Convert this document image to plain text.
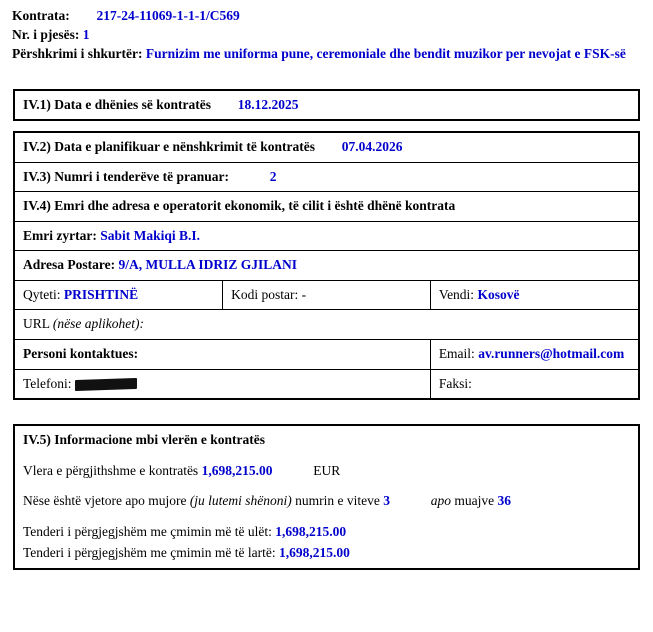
Kontrata: 217-24-11069-1-1-1/C569
Nr. i pjesës: 1
Përshkrimi i shkurtër: Furnizim me uniforma pune, ceremoniale dhe bendit muzikor per nevojat e FSK-së
IV.1) Data e dhënies së kontratës 18.12.2025
IV.2) Data e planifikuar e nënshkrimit të kontratës 07.04.2026		
IV.3) Numri i tenderëve të pranuar: 2		
IV.4) Emri dhe adresa e operatorit ekonomik, të cilit i është dhënë kontrata		
Emri zyrtar: Sabit Makiqi B.I.		
Adresa Postare: 9/A, MULLA IDRIZ GJILANI		
Qyteti: PRISHTINË	Kodi postar: -	Vendi: Kosovë
URL (nëse aplikohet):		
Personi kontaktues:		Email: av.runners@hotmail.com
Telefoni:		Faksi:
IV.5) Informacione mbi vlerën e kontratës
Vlera e përgjithshme e kontratës 1,698,215.00	EUR
Nëse është vjetore apo mujore (ju lutemi shënoni) numrin e viteve 3	apo muajve 36
Tenderi i përgjegjshëm me çmimin më të ulët: 1,698,215.00
Tenderi i përgjegjshëm me çmimin më të lartë: 1,698,215.00
